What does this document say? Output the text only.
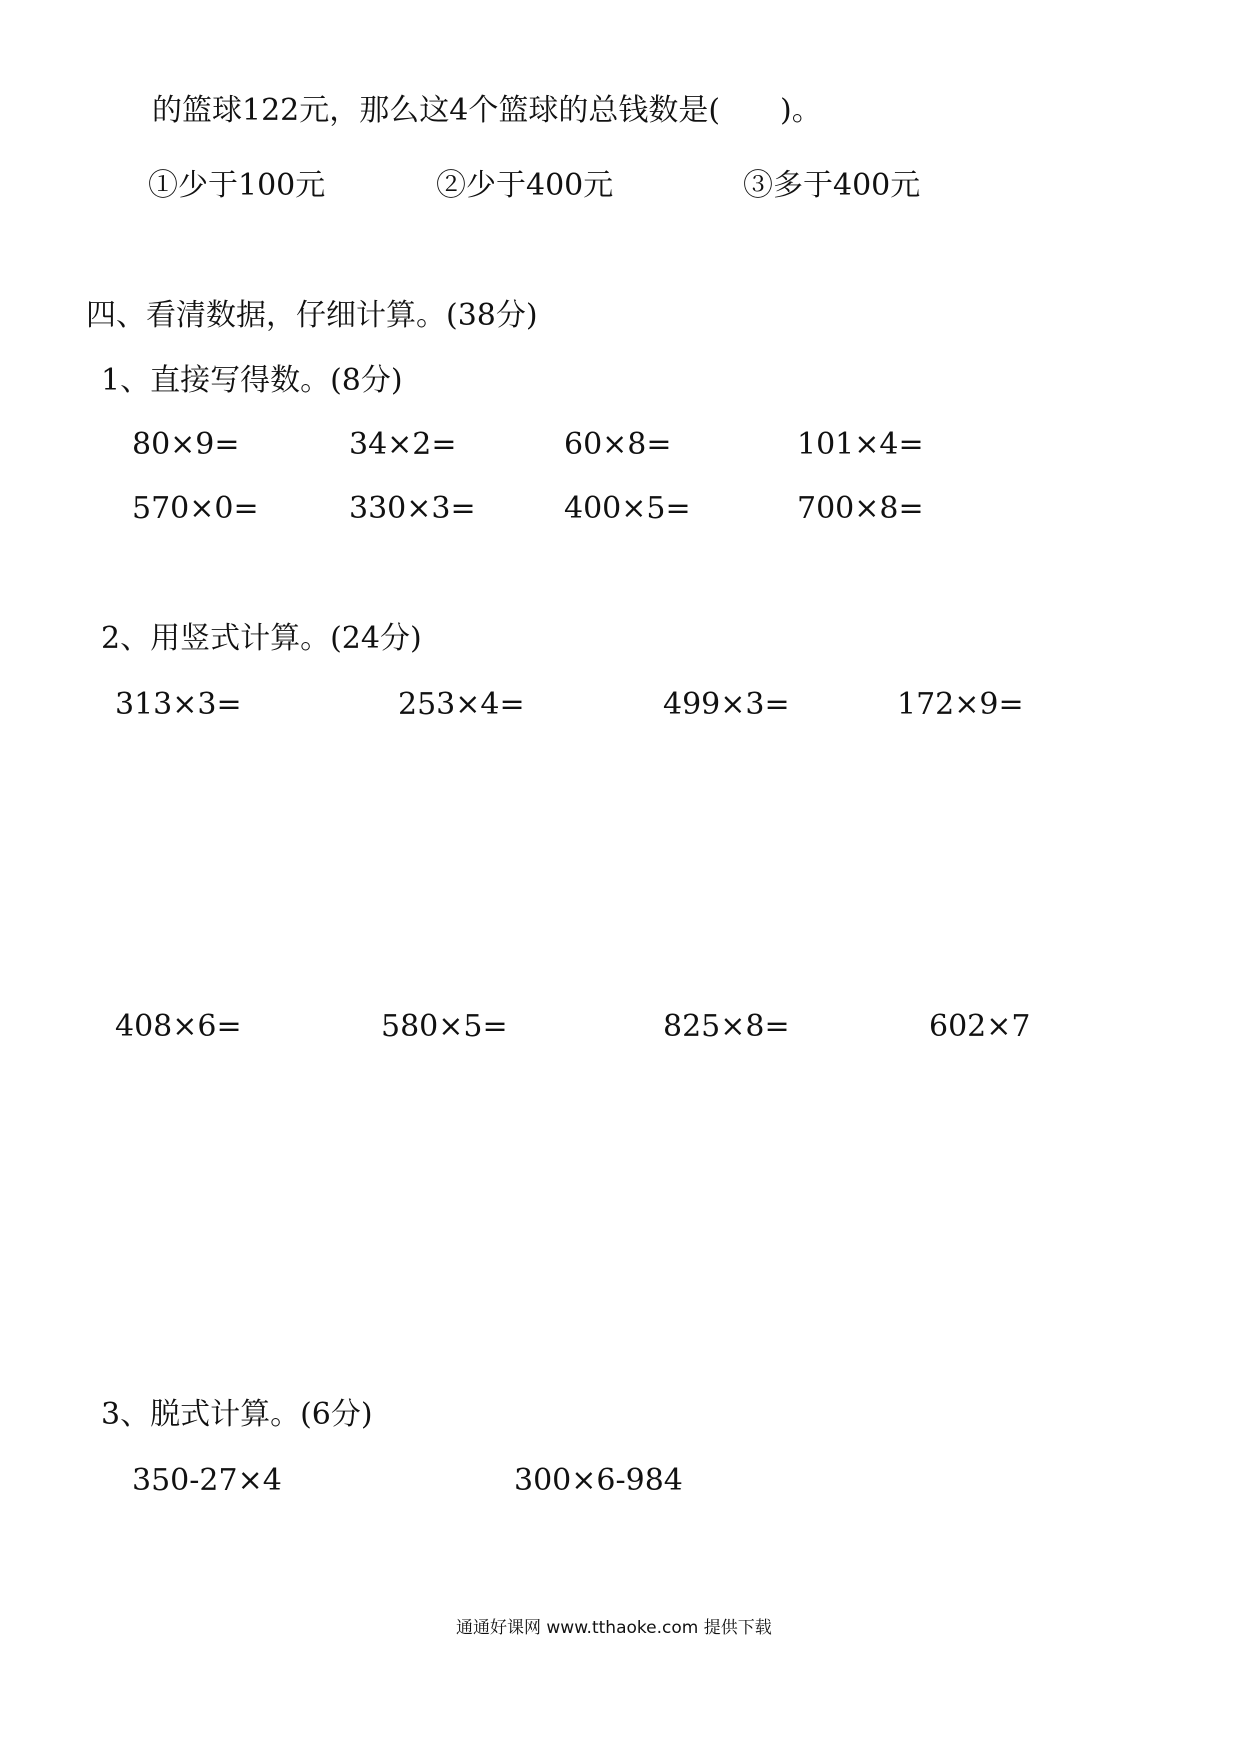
的篮球122元，那么这4个篮球的总钱数是(　　)。
①少于100元	②少于400元	③多于400元
四、看清数据，仔细计算。(38分)
1、直接写得数。(8分)
80×9=	34×2=	60×8=	101×4=
570×0=	330×3=	400×5=	700×8=
2、用竖式计算。(24分)
313×3=	253×4=	499×3=	172×9=
408×6=	580×5=	825×8=	602×7
3、脱式计算。(6分)
350-27×4	300×6-984
通通好课网 www.tthaoke.com 提供下载
